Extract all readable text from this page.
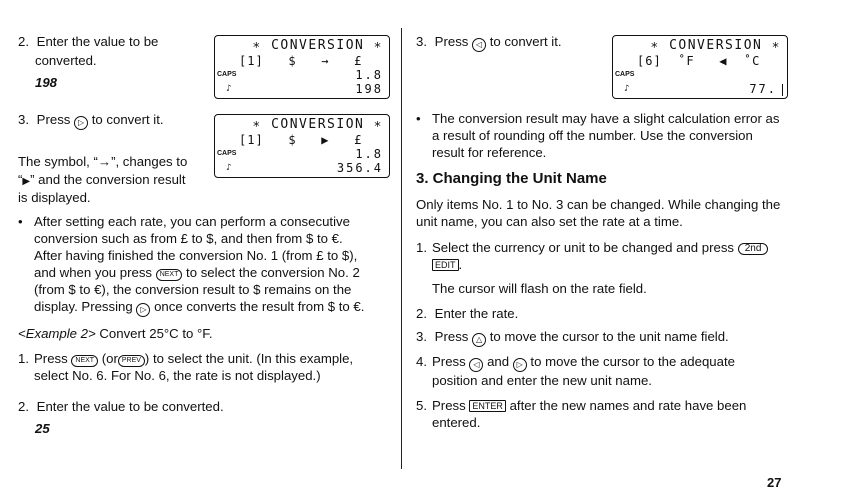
2. Enter the value to be
converted.
198
∗ CONVERSION ∗
[1]   $   →   £
CAPS	1.8
♪	198
3. Press ▷ to convert it.	∗ CONVERSION ∗
[1]   $   ▶   £
CAPS	1.8
♪	356.4
The symbol, “→”, changes to
“▶” and the conversion result
is displayed.
• After setting each rate, you can perform a consecutive
conversion such as from £ to $, and then from $ to €.
After having finished the conversion No. 1 (from £ to $),
and when you press NEXT to select the conversion No. 2
(from $ to €), the conversion result to $ remains on the
display. Pressing ▷ once converts the result from $ to €.
<Example 2> Convert 25°C to °F.
1. Press NEXT (or PREV ) to select the unit. (In this example,
select No. 6. For No. 6, the rate is not displayed.)
2. Enter the value to be converted.
25
3. Press ◁ to convert it.	∗ CONVERSION ∗
[6]  ˚F   ◀  ˚C
CAPS
♪	77.
• The conversion result may have a slight calculation error as
a result of rounding off the number. Use the conversion
result for reference.
3. Changing the Unit Name
Only items No. 1 to No. 3 can be changed. While changing the
unit name, you can also set the rate at a time.
1. Select the currency or unit to be changed and press 2nd
EDIT .
The cursor will flash on the rate field.
2. Enter the rate.
3. Press △ to move the cursor to the unit name field.
4. Press ◁ and ▷ to move the cursor to the adequate
position and enter the new unit name.
5. Press ENTER after the new names and rate have been
entered.
27
